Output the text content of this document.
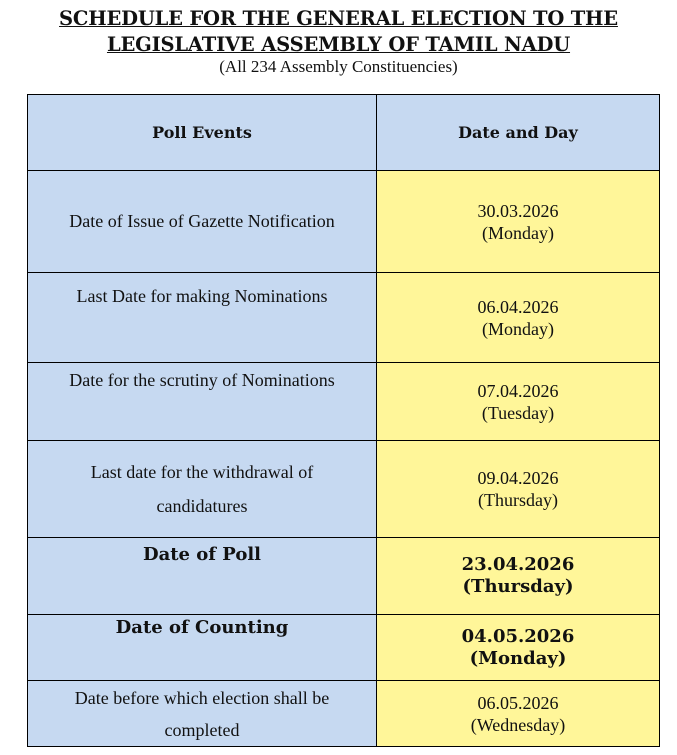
SCHEDULE FOR THE GENERAL ELECTION TO THE
LEGISLATIVE ASSEMBLY OF TAMIL NADU
(All 234 Assembly Constituencies)
Poll Events	Date and Day
Date of Issue of Gazette Notification	30.03.2026
(Monday)

Last Date for making Nominations	06.04.2026
(Monday)

Date for the scrutiny of Nominations	07.04.2026
(Tuesday)

Last date for the withdrawal of
candidatures	09.04.2026
(Thursday)

Date of Poll	23.04.2026
(Thursday)

Date of Counting	04.05.2026
(Monday)

Date before which election shall be
completed	06.05.2026
(Wednesday)
